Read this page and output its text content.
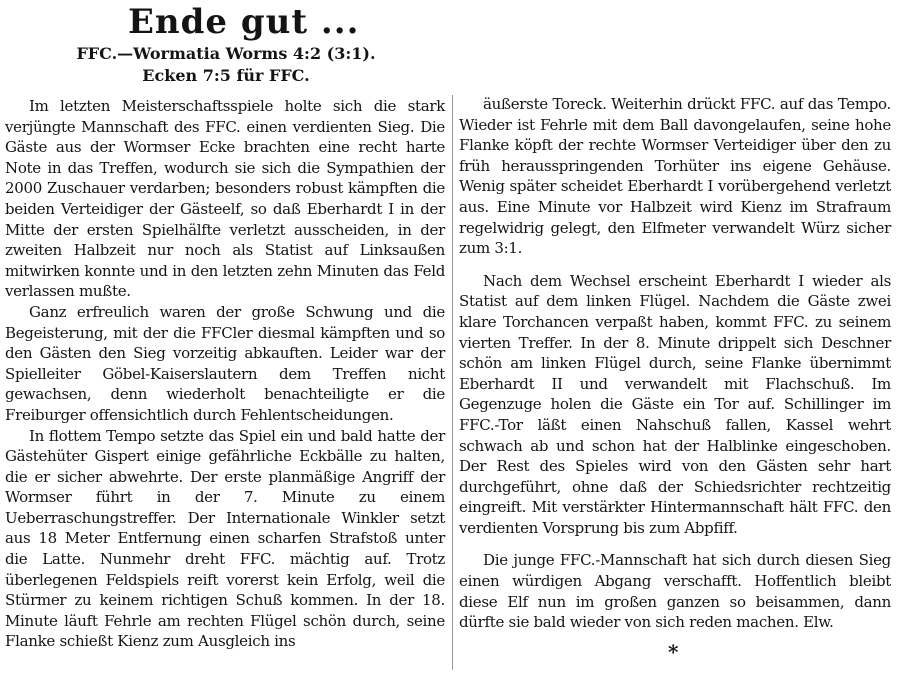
Ende gut ...
FFC.—Wormatia Worms 4:2 (3:1).
Ecken 7:5 für FFC.

Im letzten Meisterschaftsspiele holte sich die stark verjüngte Mannschaft des FFC. einen verdienten Sieg. Die Gäste aus der Wormser Ecke brachten eine recht harte Note in das Treffen, wodurch sie sich die Sympathien der 2000 Zuschauer verdarben; besonders robust kämpften die beiden Verteidiger der Gästeelf, so daß Eberhardt I in der Mitte der ersten Spielhälfte verletzt ausscheiden, in der zweiten Halbzeit nur noch als Statist auf Linksaußen mitwirken konnte und in den letzten zehn Minuten das Feld verlassen mußte.

Ganz erfreulich waren der große Schwung und die Begeisterung, mit der die FFCler diesmal kämpften und so den Gästen den Sieg vorzeitig abkauften. Leider war der Spielleiter Göbel-Kaiserslautern dem Treffen nicht gewachsen, denn wiederholt benachteiligte er die Freiburger offensichtlich durch Fehlentscheidungen.

In flottem Tempo setzte das Spiel ein und bald hatte der Gästehüter Gispert einige gefährliche Eckbälle zu halten, die er sicher abwehrte. Der erste planmäßige Angriff der Wormser führt in der 7. Minute zu einem Ueberraschungstreffer. Der Internationale Winkler setzt aus 18 Meter Entfernung einen scharfen Strafstoß unter die Latte. Nunmehr dreht FFC. mächtig auf. Trotz überlegenen Feldspiels reift vorerst kein Erfolg, weil die Stürmer zu keinem richtigen Schuß kommen. In der 18. Minute läuft Fehrle am rechten Flügel schön durch, seine Flanke schießt Kienz zum Ausgleich ins

äußerste Toreck. Weiterhin drückt FFC. auf das Tempo. Wieder ist Fehrle mit dem Ball davongelaufen, seine hohe Flanke köpft der rechte Wormser Verteidiger über den zu früh herausspringenden Torhüter ins eigene Gehäuse. Wenig später scheidet Eberhardt I vorübergehend verletzt aus. Eine Minute vor Halbzeit wird Kienz im Strafraum regelwidrig gelegt, den Elfmeter verwandelt Würz sicher zum 3:1.

Nach dem Wechsel erscheint Eberhardt I wieder als Statist auf dem linken Flügel. Nachdem die Gäste zwei klare Torchancen verpaßt haben, kommt FFC. zu seinem vierten Treffer. In der 8. Minute drippelt sich Deschner schön am linken Flügel durch, seine Flanke übernimmt Eberhardt II und verwandelt mit Flachschuß. Im Gegenzuge holen die Gäste ein Tor auf. Schillinger im FFC.-Tor läßt einen Nahschuß fallen, Kassel wehrt schwach ab und schon hat der Halblinke eingeschoben. Der Rest des Spieles wird von den Gästen sehr hart durchgeführt, ohne daß der Schiedsrichter rechtzeitig eingreift. Mit verstärkter Hintermannschaft hält FFC. den verdienten Vorsprung bis zum Abpfiff.

Die junge FFC.-Mannschaft hat sich durch diesen Sieg einen würdigen Abgang verschafft. Hoffentlich bleibt diese Elf nun im großen ganzen so beisammen, dann dürfte sie bald wieder von sich reden machen. Elw.

*
